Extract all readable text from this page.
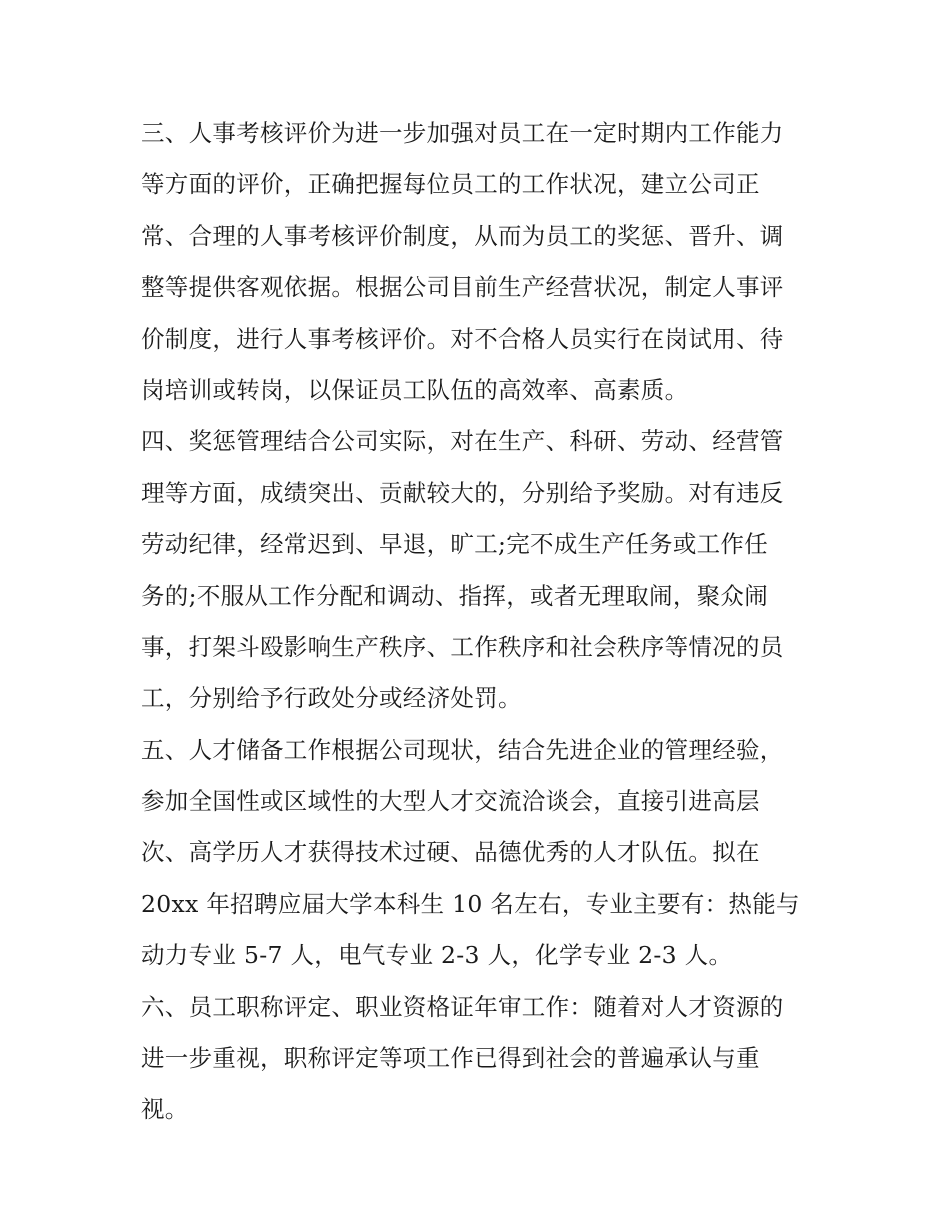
三、人事考核评价为进一步加强对员工在一定时期内工作能力
等方面的评价，正确把握每位员工的工作状况，建立公司正
常、合理的人事考核评价制度，从而为员工的奖惩、晋升、调
整等提供客观依据。根据公司目前生产经营状况，制定人事评
价制度，进行人事考核评价。对不合格人员实行在岗试用、待
岗培训或转岗，以保证员工队伍的高效率、高素质。
四、奖惩管理结合公司实际，对在生产、科研、劳动、经营管
理等方面，成绩突出、贡献较大的，分别给予奖励。对有违反
劳动纪律，经常迟到、早退，旷工;完不成生产任务或工作任
务的;不服从工作分配和调动、指挥，或者无理取闹，聚众闹
事，打架斗殴影响生产秩序、工作秩序和社会秩序等情况的员
工，分别给予行政处分或经济处罚。
五、人才储备工作根据公司现状，结合先进企业的管理经验，
参加全国性或区域性的大型人才交流洽谈会，直接引进高层
次、高学历人才获得技术过硬、品德优秀的人才队伍。拟在
20xx 年招聘应届大学本科生 10 名左右，专业主要有：热能与
动力专业 5-7 人，电气专业 2-3 人，化学专业 2-3 人。
六、员工职称评定、职业资格证年审工作：随着对人才资源的
进一步重视，职称评定等项工作已得到社会的普遍承认与重
视。
